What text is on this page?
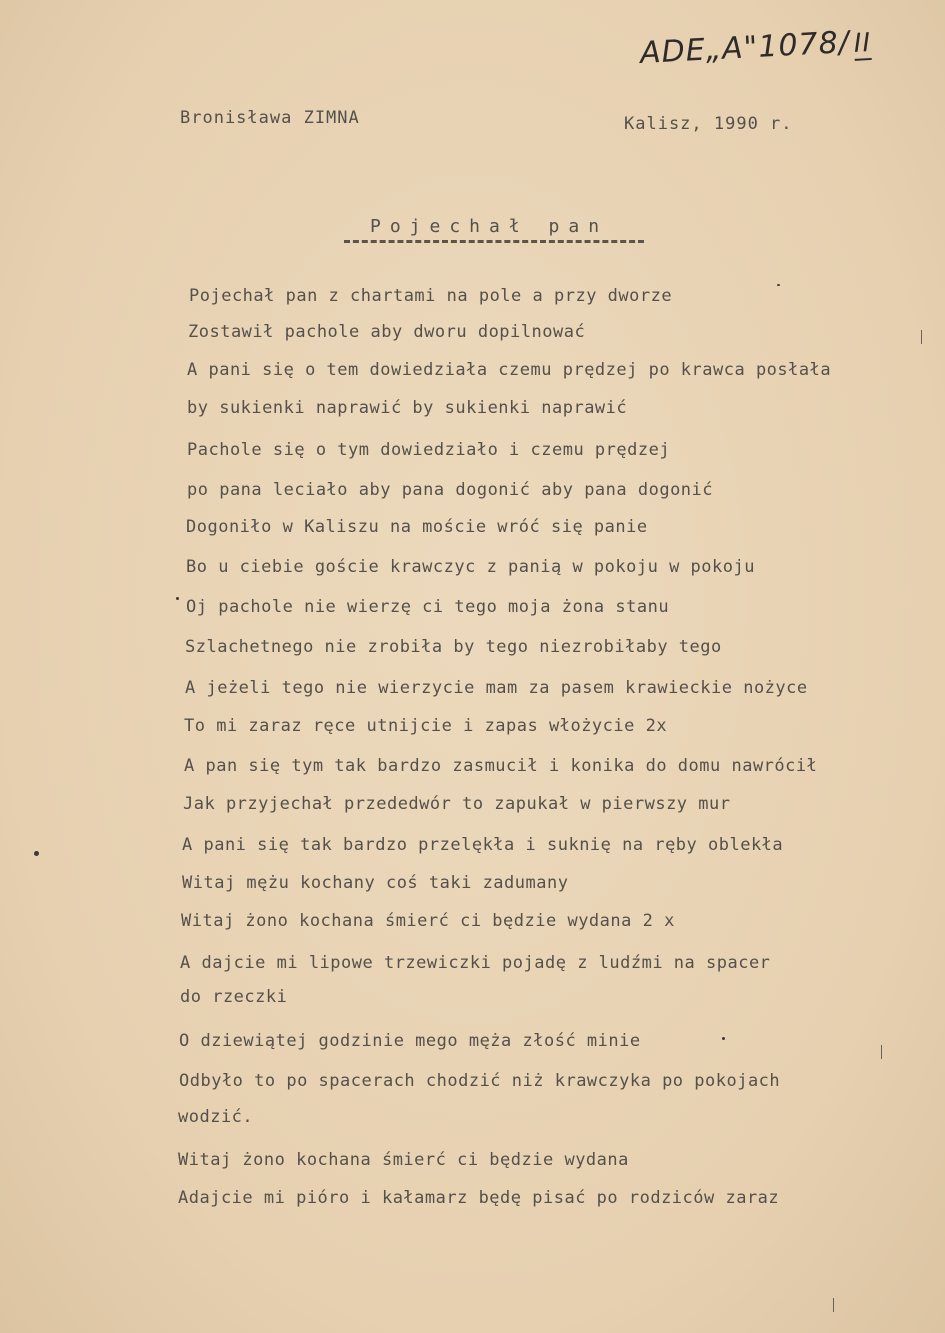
ADE„A"1078/II
Bronisława ZIMNA	Kalisz, 1990 r.
Pojechał pan
Pojechał pan z chartami na pole a przy dworze
Zostawił pachole aby dworu dopilnować
A pani się o tem dowiedziała czemu prędzej po krawca posłała
by sukienki naprawić by sukienki naprawić
Pachole się o tym dowiedziało i czemu prędzej
po pana leciało aby pana dogonić aby pana dogonić
Dogoniło w Kaliszu na moście wróć się panie
Bo u ciebie goście krawczyc z panią w pokoju w pokoju
Oj pachole nie wierzę ci tego moja żona stanu
Szlachetnego nie zrobiła by tego niezrobiłaby tego
A jeżeli tego nie wierzycie mam za pasem krawieckie nożyce
To mi zaraz ręce utnijcie i zapas włożycie 2x
A pan się tym tak bardzo zasmucił i konika do domu nawrócił
Jak przyjechał przededwór to zapukał w pierwszy mur
A pani się tak bardzo przelękła i suknię na ręby oblekła
Witaj mężu kochany coś taki zadumany
Witaj żono kochana śmierć ci będzie wydana 2 x
A dajcie mi lipowe trzewiczki pojadę z ludźmi na spacer
do rzeczki
O dziewiątej godzinie mego męża złość minie
Odbyło to po spacerach chodzić niż krawczyka po pokojach
wodzić.
Witaj żono kochana śmierć ci będzie wydana
Adajcie mi pióro i kałamarz będę pisać po rodziców zaraz
